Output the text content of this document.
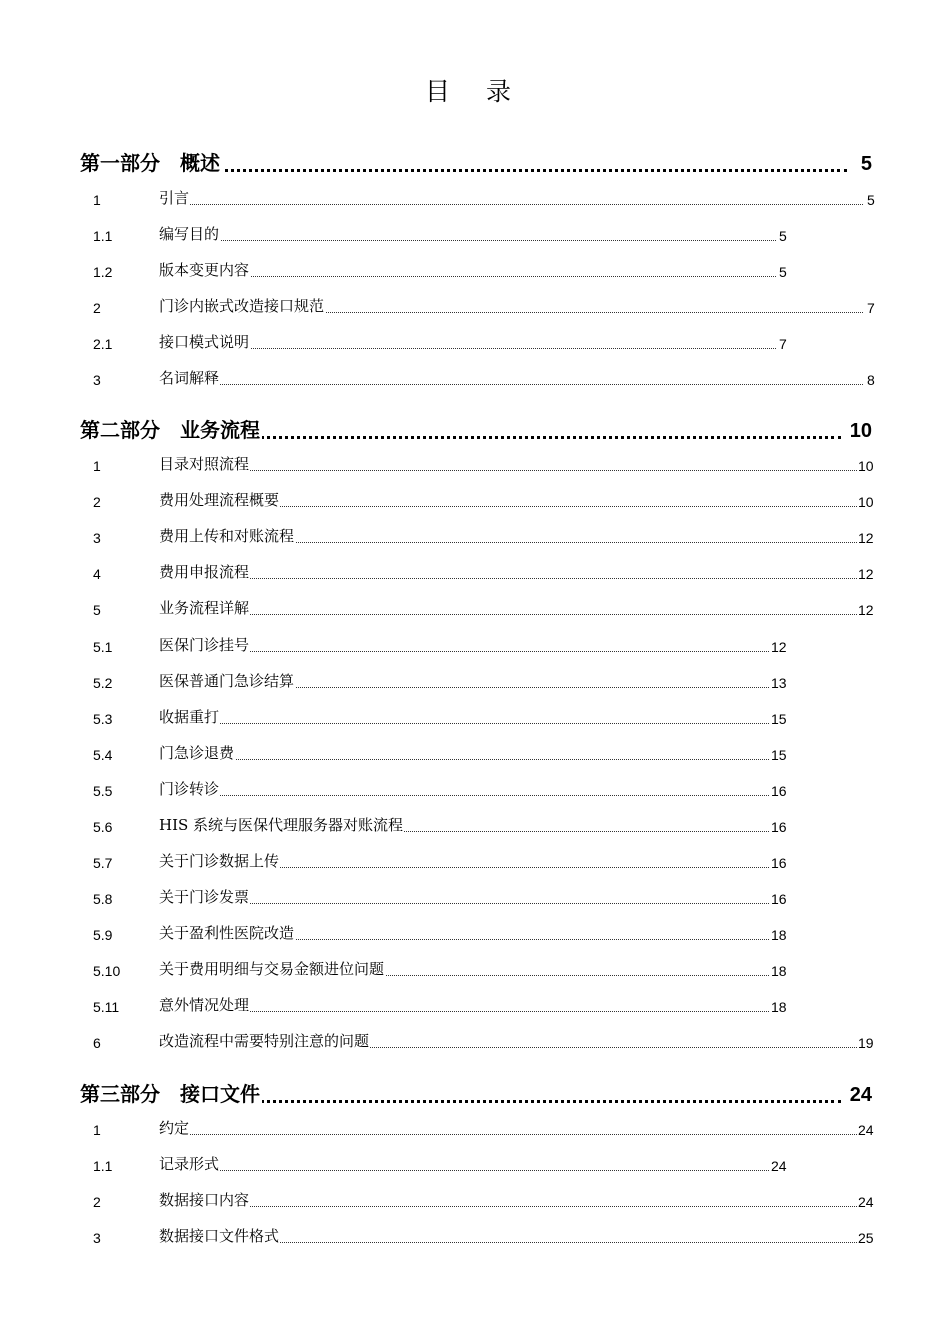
目 录
第一部分　概述	5
1	引言	5
1.1	编写目的	5
1.2	版本变更内容	5
2	门诊内嵌式改造接口规范	7
2.1	接口模式说明	7
3	名词解释	8
第二部分　业务流程	10
1	目录对照流程	10
2	费用处理流程概要	10
3	费用上传和对账流程	12
4	费用申报流程	12
5	业务流程详解	12
5.1	医保门诊挂号	12
5.2	医保普通门急诊结算	13
5.3	收据重打	15
5.4	门急诊退费	15
5.5	门诊转诊	16
5.6	HIS 系统与医保代理服务器对账流程	16
5.7	关于门诊数据上传	16
5.8	关于门诊发票	16
5.9	关于盈利性医院改造	18
5.10	关于费用明细与交易金额进位问题	18
5.11	意外情况处理	18
6	改造流程中需要特别注意的问题	19
第三部分　接口文件	24
1	约定	24
1.1	记录形式	24
2	数据接口内容	24
3	数据接口文件格式	25
